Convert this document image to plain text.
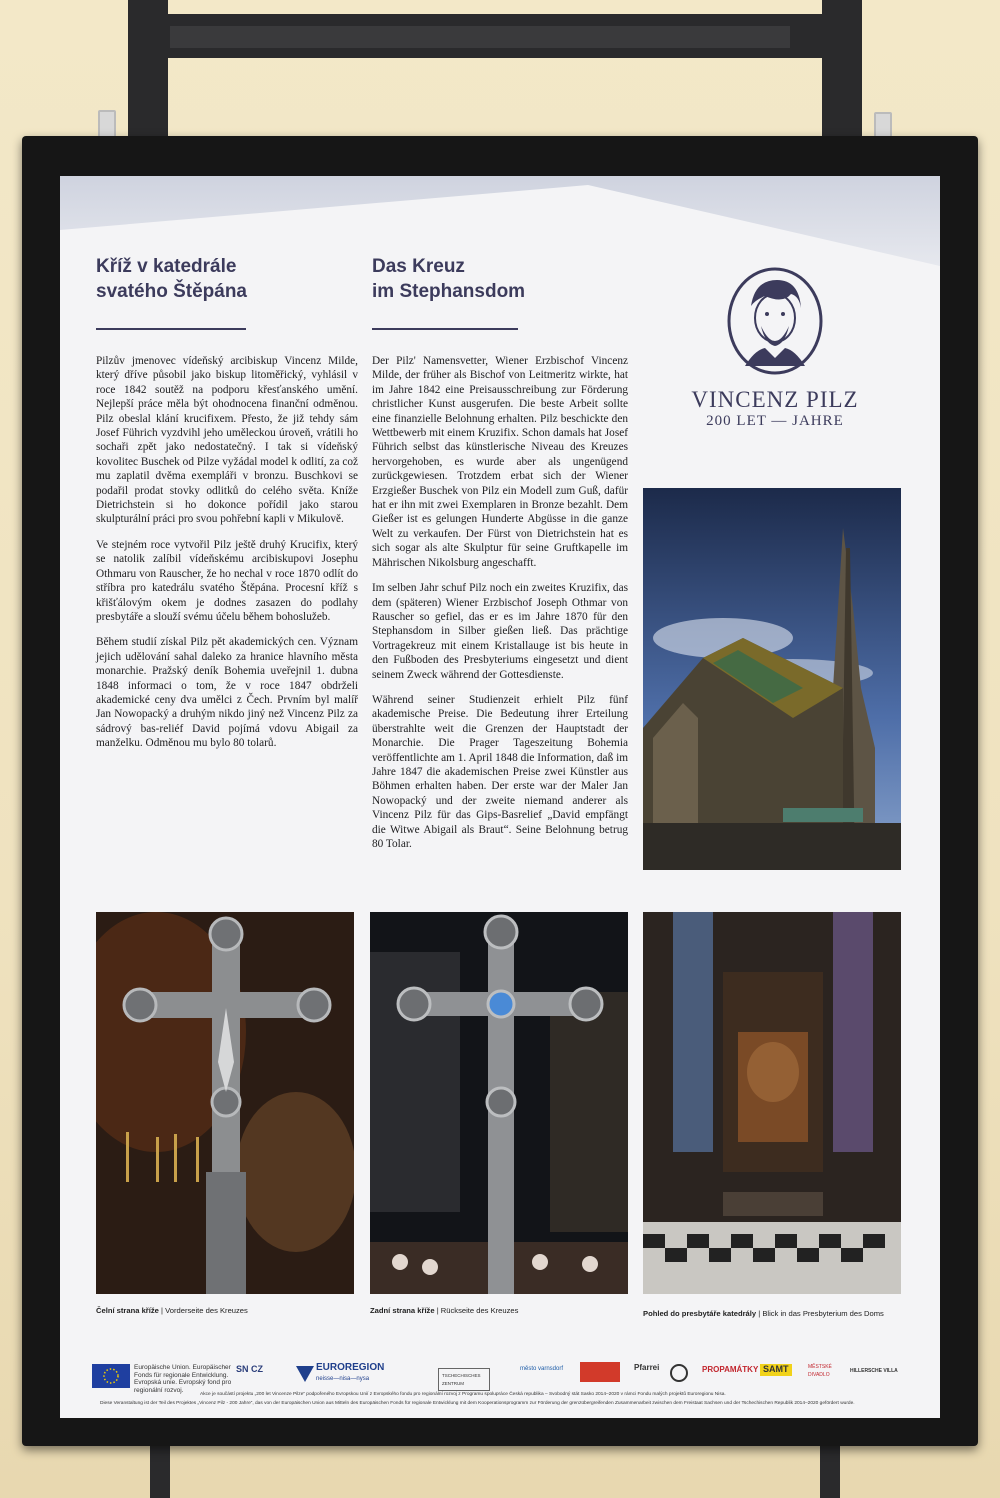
Kříž v katedrále
svatého Štěpána

Pilzův jmenovec vídeňský arcibiskup Vincenz Milde, který dříve působil jako biskup litoměřický, vyhlásil v roce 1842 soutěž na podporu křesťanského umění. Nejlepší práce měla být ohodnocena finanční odměnou. Pilz obeslal klání krucifixem. Přesto, že již tehdy sám Josef Führich vyzdvihl jeho uměleckou úroveň, vrátili ho sochaři zpět jako nedostatečný. I tak si vídeňský kovolitec Buschek od Pilze vyžádal model k odlití, za což mu zaplatil dvěma exempláři v bronzu. Buschkovi se podařil prodat stovky odlitků do celého světa. Kníže Dietrichstein si ho dokonce pořídil jako starou skulpturální práci pro svou pohřební kapli v Mikulově.

Ve stejném roce vytvořil Pilz ještě druhý Krucifix, který se natolik zalíbil vídeňskému arcibiskupovi Josephu Othmaru von Rauscher, že ho nechal v roce 1870 odlít do stříbra pro katedrálu svatého Štěpána. Procesní kříž s křišťálovým okem je dodnes zasazen do podlahy presbytáře a slouží svému účelu během bohoslužeb.

Během studií získal Pilz pět akademických cen. Význam jejich udělování sahal daleko za hranice hlavního města monarchie. Pražský deník Bohemia uveřejnil 1. dubna 1848 informaci o tom, že v roce 1847 obdrželi akademické ceny dva umělci z Čech. Prvním byl malíř Jan Nowopacký a druhým nikdo jiný než Vincenz Pilz za sádrový bas-reliéf David pojímá vdovu Abigail za manželku. Odměnou mu bylo 80 tolarů.

Das Kreuz
im Stephansdom

Der Pilz' Namensvetter, Wiener Erzbischof Vincenz Milde, der früher als Bischof von Leitmeritz wirkte, hat im Jahre 1842 eine Preisausschreibung zur Förderung christlicher Kunst ausgerufen. Die beste Arbeit sollte eine finanzielle Belohnung erhalten. Pilz beschickte den Wettbewerb mit einem Kruzifix. Schon damals hat Josef Führich selbst das künstlerische Niveau des Kreuzes hervorgehoben, es wurde aber als ungenügend zurückgewiesen. Trotzdem erbat sich der Wiener Erzgießer Buschek von Pilz ein Modell zum Guß, dafür hat er ihn mit zwei Exemplaren in Bronze bezahlt. Dem Gießer ist es gelungen Hunderte Abgüsse in die ganze Welt zu verkaufen. Der Fürst von Dietrichstein hat es sich sogar als alte Skulptur für seine Gruftkapelle im Mährischen Nikolsburg angeschafft.

Im selben Jahr schuf Pilz noch ein zweites Kruzifix, das dem (späteren) Wiener Erzbischof Joseph Othmar von Rauscher so gefiel, das er es im Jahre 1870 für den Stephansdom in Silber gießen ließ. Das prächtige Vortragekreuz mit einem Kristallauge ist bis heute in den Fußboden des Presbyteriums eingesetzt und dient seinem Zweck während der Gottesdienste.

Während seiner Studienzeit erhielt Pilz fünf akademische Preise. Die Bedeutung ihrer Erteilung überstrahlte weit die Grenzen der Hauptstadt der Monarchie. Die Prager Tageszeitung Bohemia veröffentlichte am 1. April 1848 die Information, daß im Jahre 1847 die akademischen Preise zwei Künstler aus Böhmen erhalten haben. Der erste war der Maler Jan Nowopacký und der zweite niemand anderer als Vincenz Pilz für das Gips-Basrelief „David empfängt die Witwe Abigail als Braut“. Seine Belohnung betrug 80 Tolar.

VINCENZ PILZ
200 LET — JAHRE
Čelní strana kříže | Vorderseite des Kreuzes	Zadní strana kříže | Rückseite des Kreuzes	Pohled do presbytáře katedrály | Blick in das Presbyterium des Doms
Europäische Union. Europäischer Fonds für regionale Entwicklung. Evropská unie. Evropský fond pro regionální rozvoj.
SN CZ	EUROREGION
neisse—nisa—nysa
TSCHECHISCHES ZENTRUM
město varnsdorf	Pfarrei	PROPAMÁTKY SAMT	MĚSTSKÉ DIVADLO
HILLERSCHE VILLA
Akce je součástí projektu „200 let Vincenze Pilze“ podpořeného Evropskou Unií z Evropského fondu pro regionální rozvoj z Programu spolupráce Česká republika – Svobodný stát Sasko 2014–2020 v rámci Fondu malých projektů Euroregionu Nisa.
Diese Veranstaltung ist der Teil des Projektes „Vincenz Pilz - 200 Jahre“, das von der Europäischen Union aus Mitteln des Europäischen Fonds für regionale Entwicklung mit dem Kooperationsprogramm zur Förderung der grenzübergreifenden Zusammenarbeit zwischen dem Freistaat Sachsen und der Tschechischen Republik 2014–2020 gefördert wurde.
